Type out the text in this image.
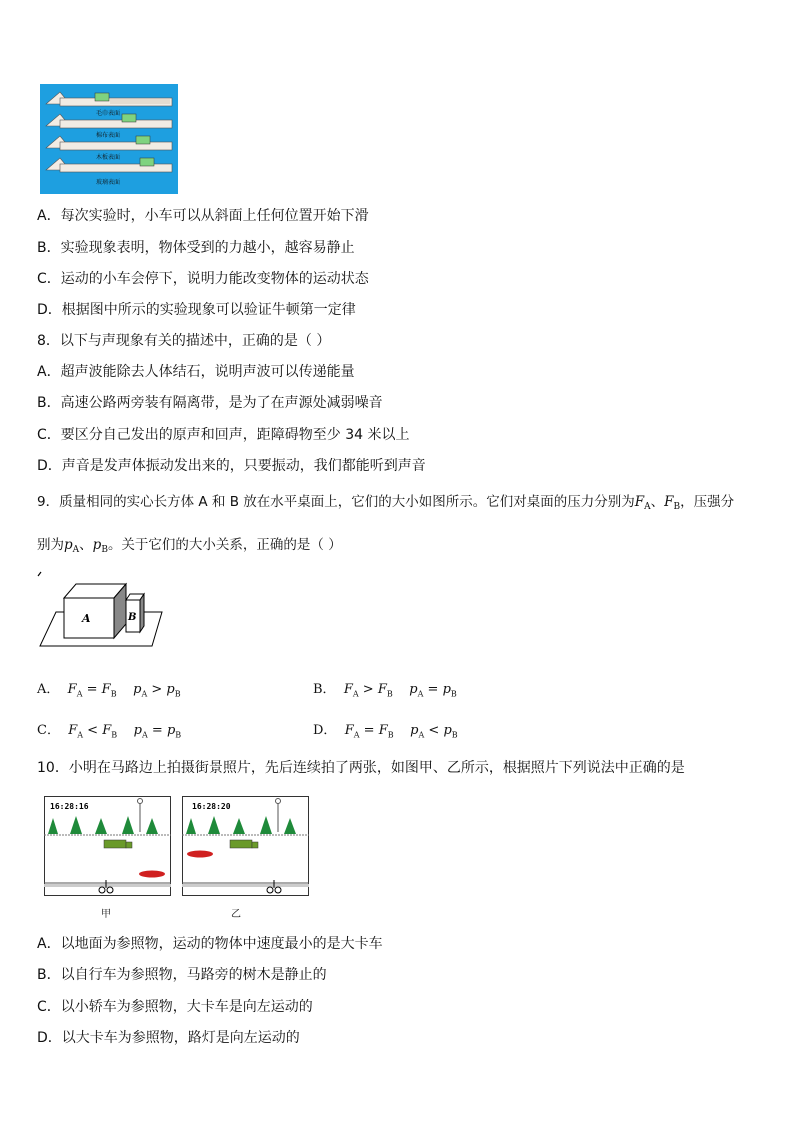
毛巾表面
棉布表面
木板表面
玻璃表面
A．每次实验时，小车可以从斜面上任何位置开始下滑
B．实验现象表明，物体受到的力越小，越容易静止
C．运动的小车会停下，说明力能改变物体的运动状态
D．根据图中所示的实验现象可以验证牛顿第一定律
8．以下与声现象有关的描述中，正确的是（ ）
A．超声波能除去人体结石，说明声波可以传递能量
B．高速公路两旁装有隔离带，是为了在声源处减弱噪音
C．要区分自己发出的原声和回声，距障碍物至少 34 米以上
D．声音是发声体振动发出来的，只要振动，我们都能听到声音
9．质量相同的实心长方体 A 和 B 放在水平桌面上，它们的大小如图所示。它们对桌面的压力分别为$F_A$、$F_B$，压强分
别为$p_A$、$p_B$。关于它们的大小关系，正确的是（ ）
A	B
A． $F_A = F_B$ $p_A > p_B$	B． $F_A > F_B$ $p_A = p_B$
C． $F_A < F_B$ $p_A = p_B$	D． $F_A = F_B$ $p_A < p_B$
10．小明在马路边上拍摄街景照片，先后连续拍了两张，如图甲、乙所示，根据照片下列说法中正确的是
16:28:16
甲
16:28:20
乙
A．以地面为参照物，运动的物体中速度最小的是大卡车
B．以自行车为参照物，马路旁的树木是静止的
C．以小轿车为参照物，大卡车是向左运动的
D．以大卡车为参照物，路灯是向左运动的
